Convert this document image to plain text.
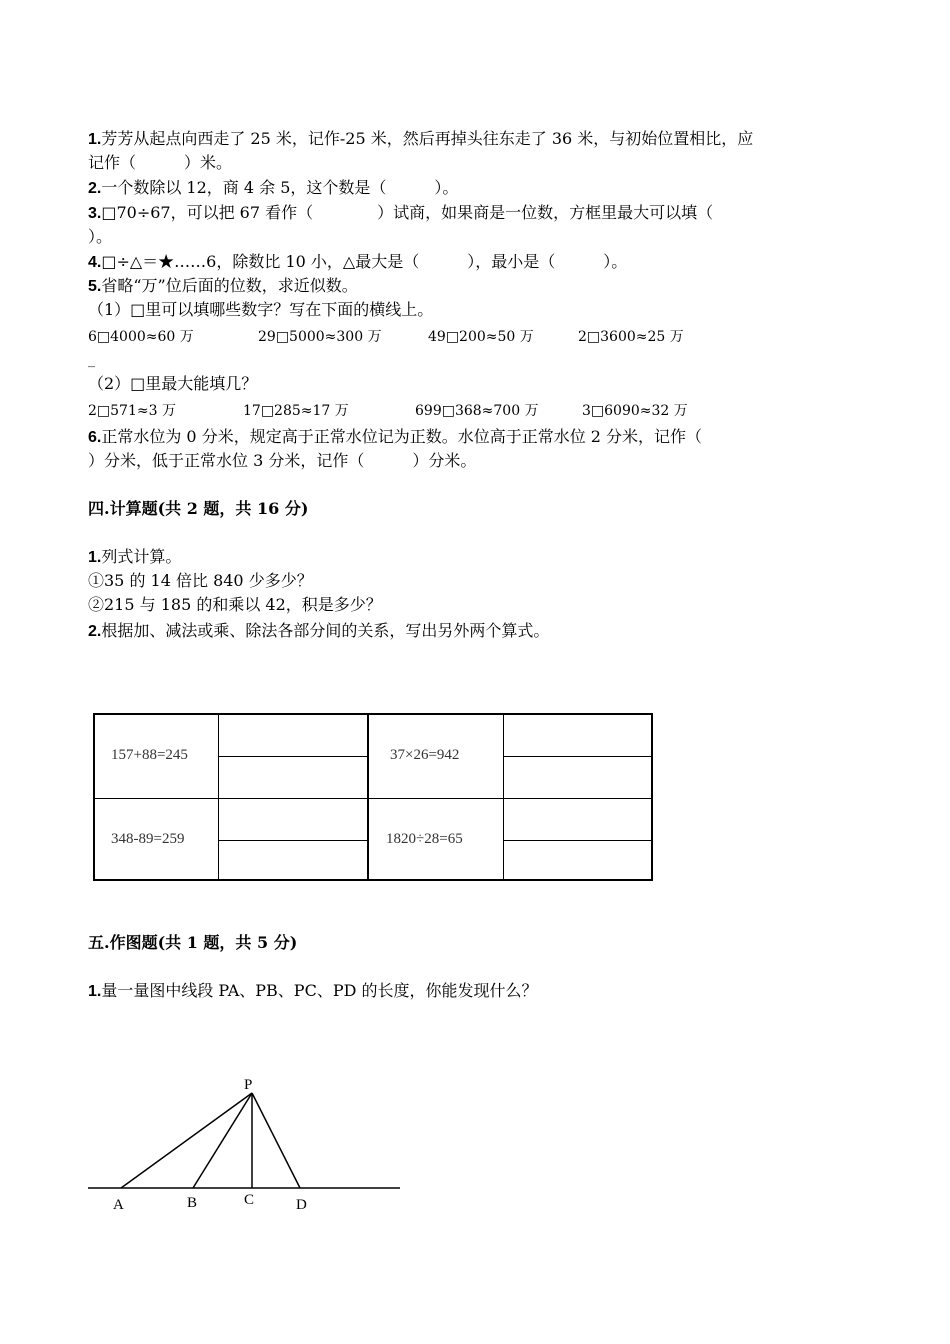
1.芳芳从起点向西走了 25 米，记作-25 米，然后再掉头往东走了 36 米，与初始位置相比，应
记作（　　　）米。
2.一个数除以 12，商 4 余 5，这个数是（　　　）。
3.□70÷67，可以把 67 看作（　　　　）试商，如果商是一位数，方框里最大可以填（
）。
4.□÷△＝★……6，除数比 10 小，△最大是（　　　），最小是（　　　）。
5.省略“万”位后面的位数，求近似数。
（1）□里可以填哪些数字？写在下面的横线上。
6□4000≈60 万	29□5000≈300 万	49□200≈50 万	2□3600≈25 万
_
（2）□里最大能填几？
2□571≈3 万	17□285≈17 万	699□368≈700 万	3□6090≈32 万
6.正常水位为 0 分米，规定高于正常水位记为正数。水位高于正常水位 2 分米，记作（
）分米，低于正常水位 3 分米，记作（　　　）分米。
四.计算题(共 2 题，共 16 分)
1.列式计算。
①35 的 14 倍比 840 少多少？
②215 与 185 的和乘以 42，积是多少？
2.根据加、减法或乘、除法各部分间的关系，写出另外两个算式。
157+88=245	37×26=942
348-89=259	1820÷28=65
五.作图题(共 1 题，共 5 分)
1.量一量图中线段 PA、PB、PC、PD 的长度，你能发现什么？
P
A	B	C	D
